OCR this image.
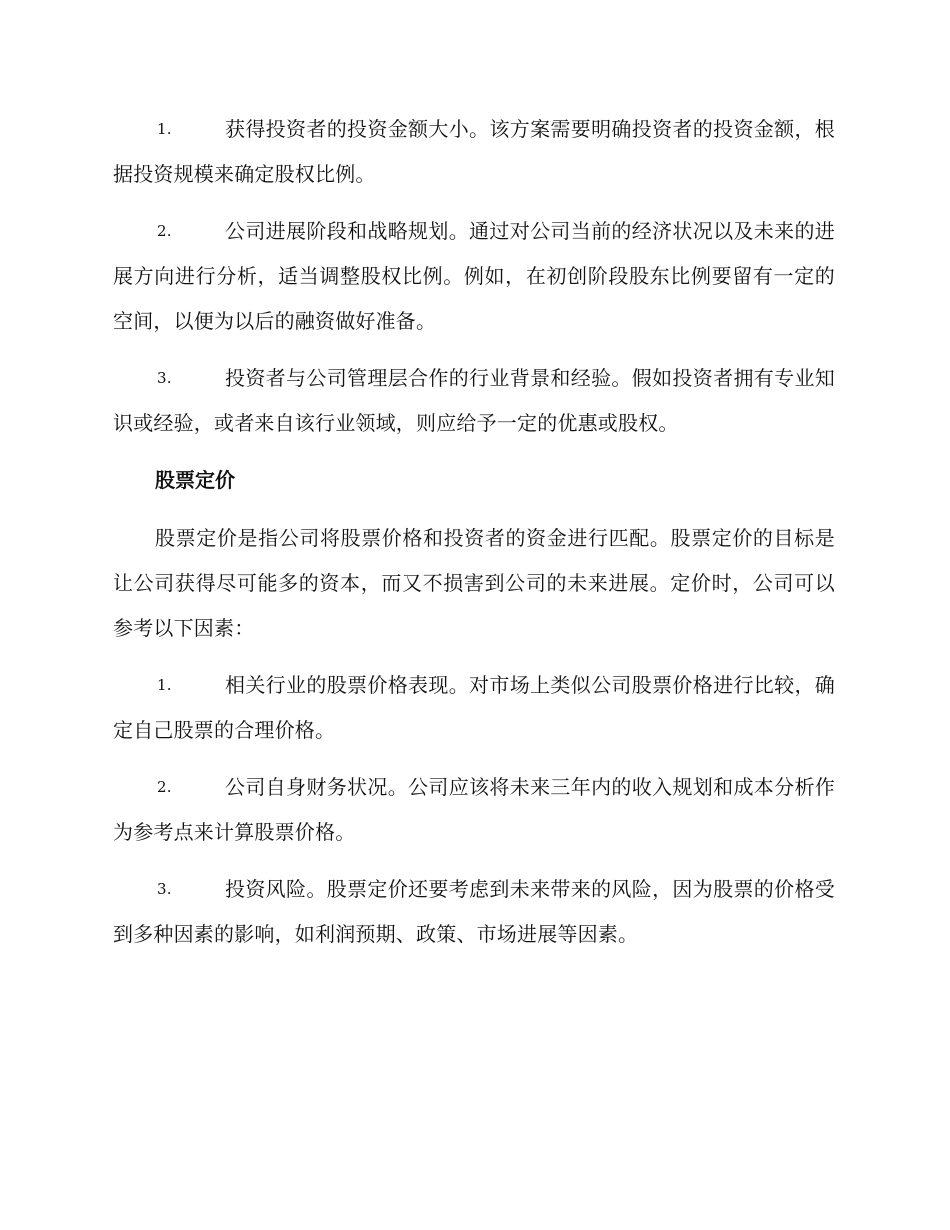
1.	获得投资者的投资金额大小。该方案需要明确投资者的投资金额，根据投资规模来确定股权比例。
2.	公司进展阶段和战略规划。通过对公司当前的经济状况以及未来的进展方向进行分析，适当调整股权比例。例如，在初创阶段股东比例要留有一定的空间，以便为以后的融资做好准备。
3.	投资者与公司管理层合作的行业背景和经验。假如投资者拥有专业知识或经验，或者来自该行业领域，则应给予一定的优惠或股权。
股票定价
股票定价是指公司将股票价格和投资者的资金进行匹配。股票定价的目标是让公司获得尽可能多的资本，而又不损害到公司的未来进展。定价时，公司可以参考以下因素：
1.	相关行业的股票价格表现。对市场上类似公司股票价格进行比较，确定自己股票的合理价格。
2.	公司自身财务状况。公司应该将未来三年内的收入规划和成本分析作为参考点来计算股票价格。
3.	投资风险。股票定价还要考虑到未来带来的风险，因为股票的价格受到多种因素的影响，如利润预期、政策、市场进展等因素。
